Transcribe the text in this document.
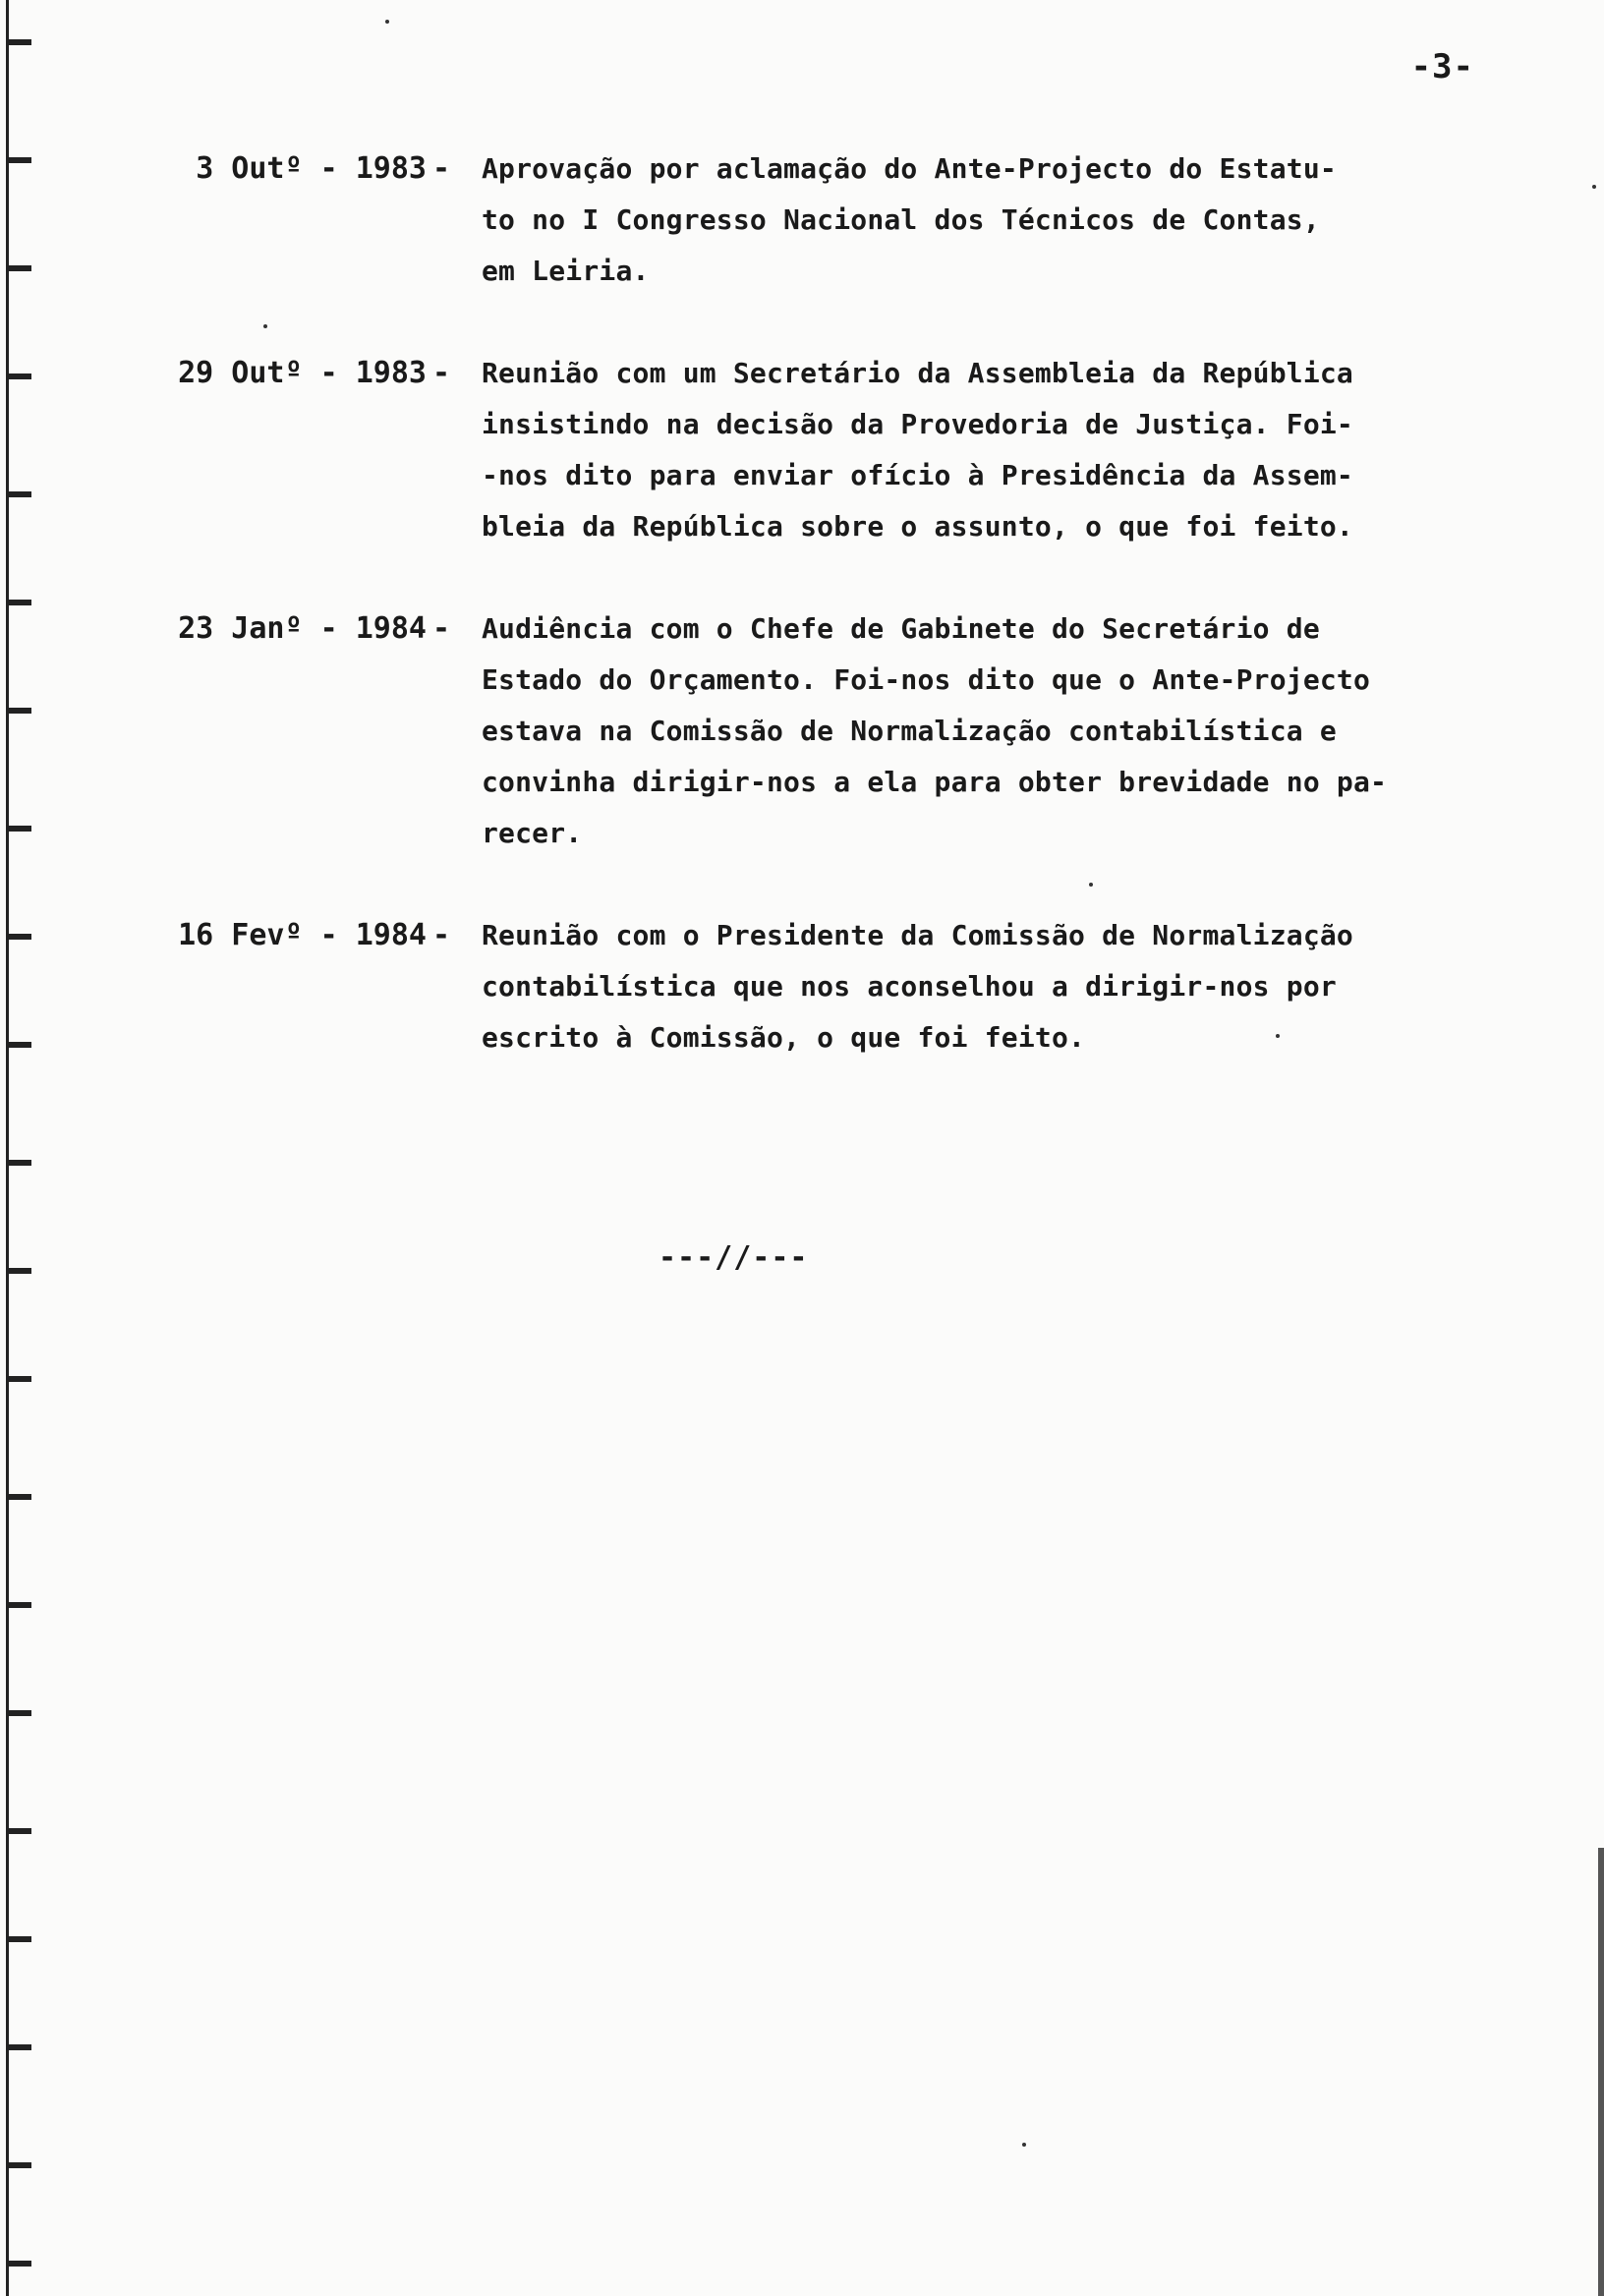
-3-
3 Outº - 1983 - Aprovação por aclamação do Ante-Projecto do Estatu-
to no I Congresso Nacional dos Técnicos de Contas,
em Leiria.
29 Outº - 1983 - Reunião com um Secretário da Assembleia da República
insistindo na decisão da Provedoria de Justiça. Foi-
-nos dito para enviar ofício à Presidência da Assem-
bleia da República sobre o assunto, o que foi feito.
23 Janº - 1984 - Audiência com o Chefe de Gabinete do Secretário de
Estado do Orçamento. Foi-nos dito que o Ante-Projecto
estava na Comissão de Normalização contabilística e
convinha dirigir-nos a ela para obter brevidade no pa-
recer.
16 Fevº - 1984 - Reunião com o Presidente da Comissão de Normalização
contabilística que nos aconselhou a dirigir-nos por
escrito à Comissão, o que foi feito.
---//---
